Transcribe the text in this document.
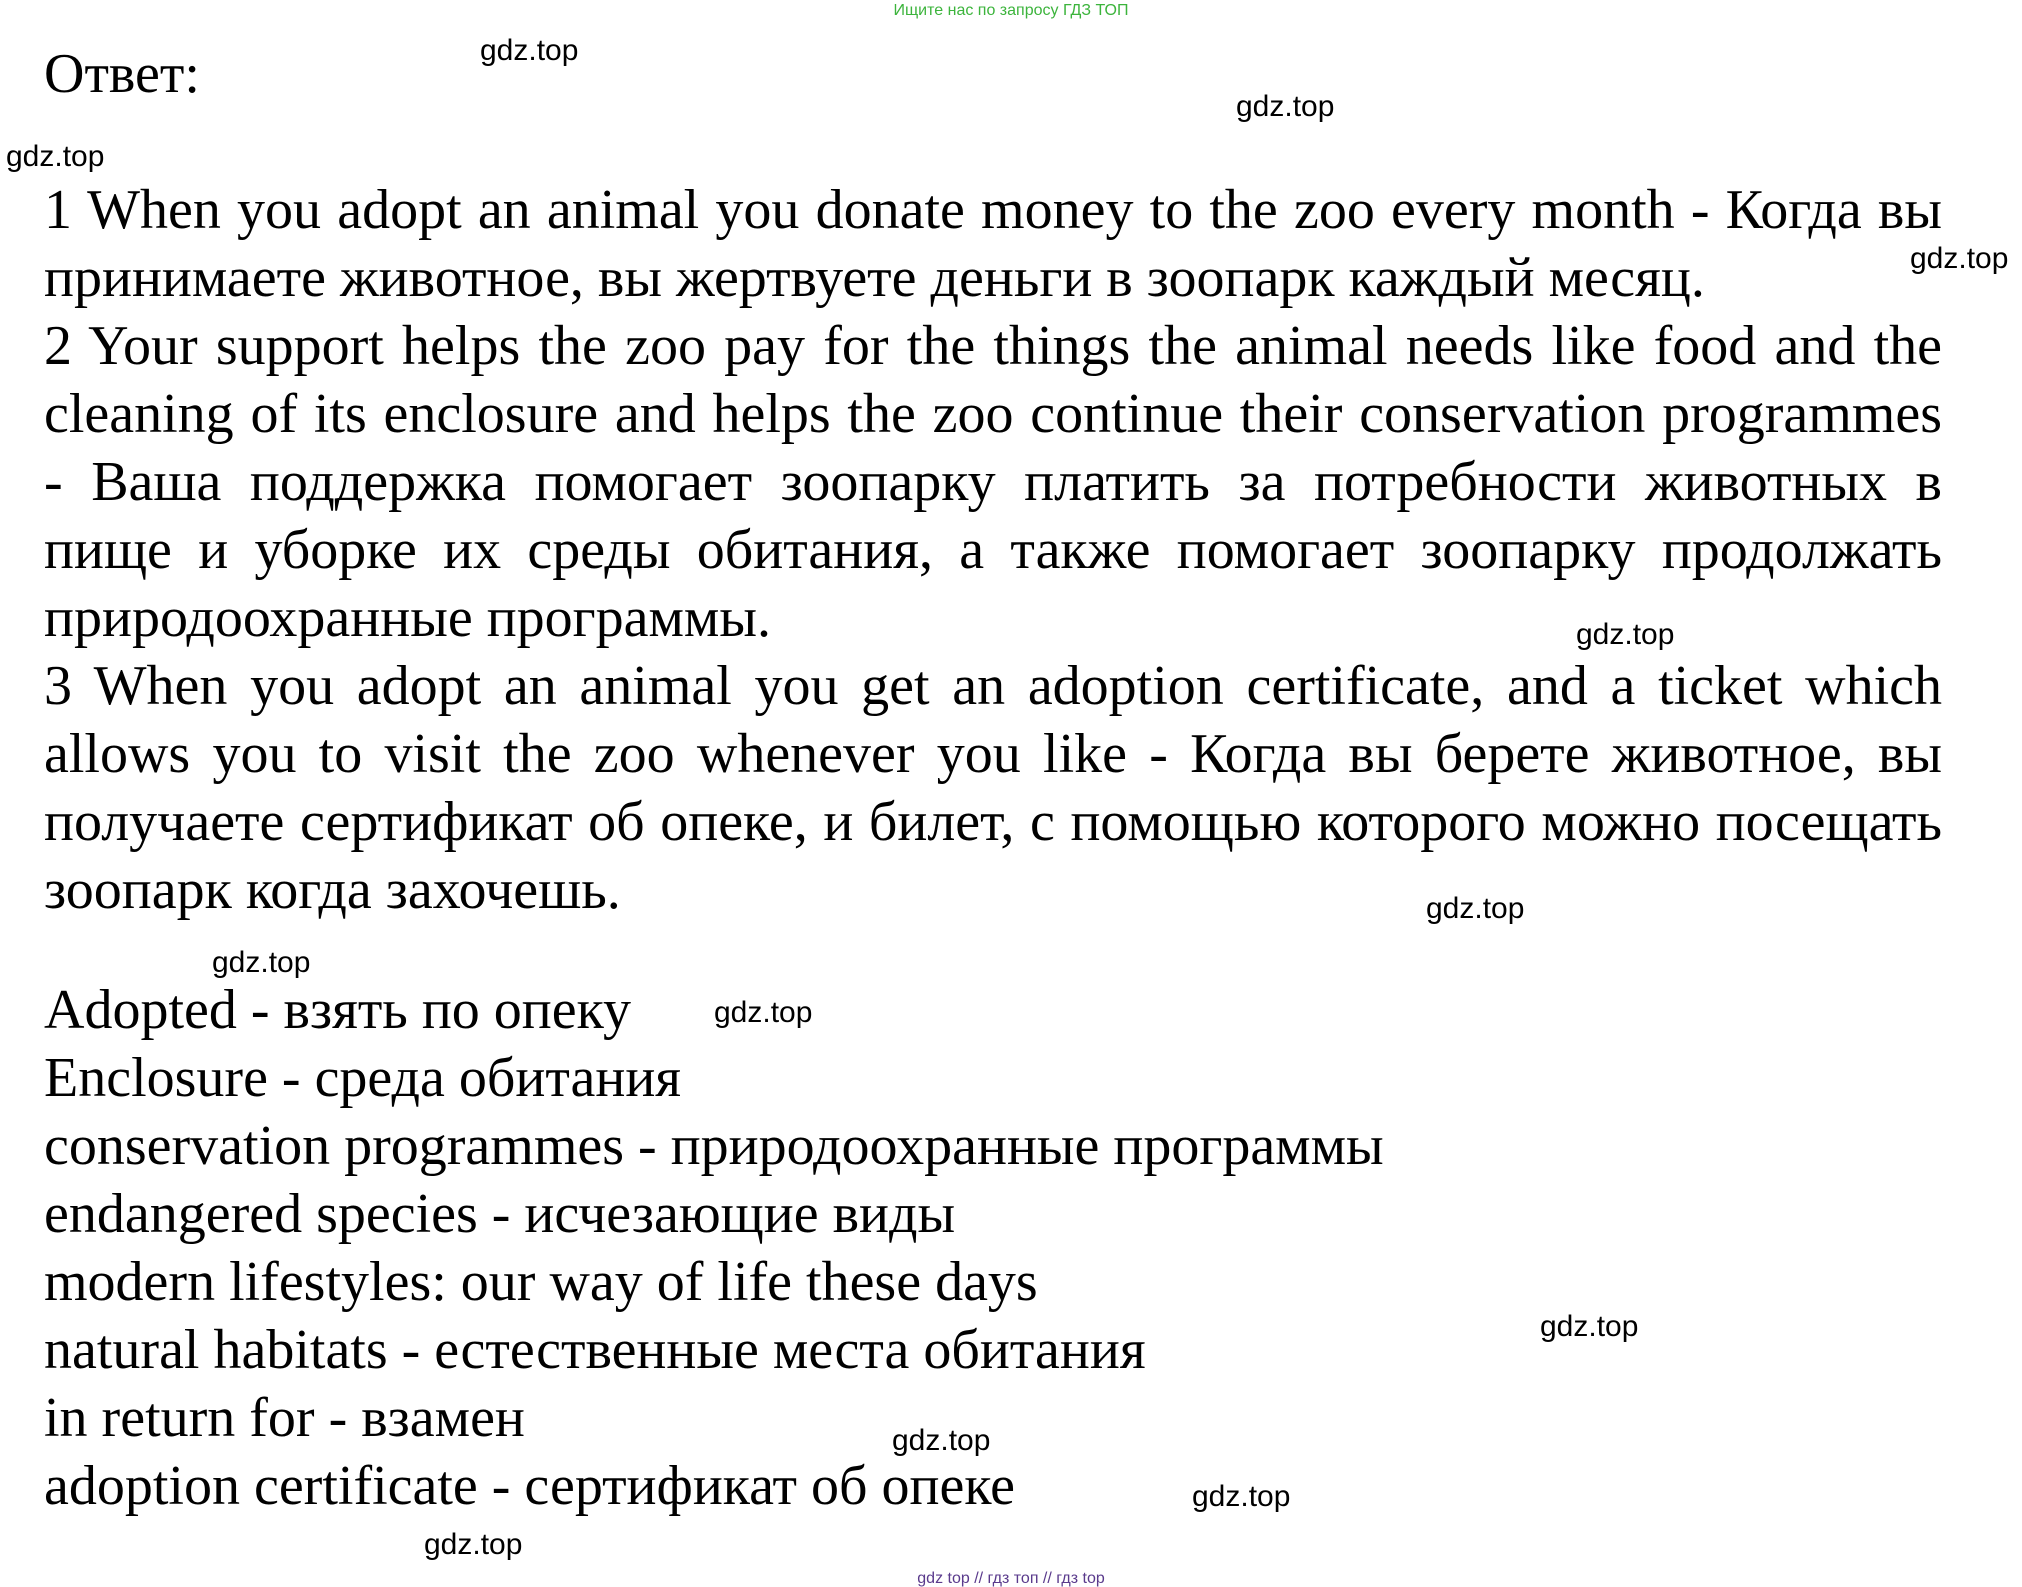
Ищите нас по запросу ГДЗ ТОП
Ответ:

1 When you adopt an animal you donate money to the zoo every month - Когда вы принимаете животное, вы жертвуете деньги в зоопарк каждый месяц.

2 Your support helps the zoo pay for the things the animal needs like food and the cleaning of its enclosure and helps the zoo continue their conservation programmes - Ваша поддержка помогает зоопарку платить за потребности животных в пище и уборке их среды обитания, а также помогает зоопарку продолжать природоохранные программы.

3 When you adopt an animal you get an adoption certificate, and a ticket which allows you to visit the zoo whenever you like - Когда вы берете животное, вы получаете сертификат об опеке, и билет, с помощью которого можно посещать зоопарк когда захочешь.

Adopted - взять по опеку

Enclosure - среда обитания

conservation programmes - природоохранные программы

endangered species - исчезающие виды

modern lifestyles: our way of life these days

natural habitats - естественные места обитания

in return for - взамен

adoption certificate - сертификат об опеке

gdz.top
gdz.top
gdz.top
gdz.top
gdz.top
gdz.top
gdz.top
gdz.top
gdz.top
gdz.top
gdz.top
gdz.top
gdz top // гдз топ // гдз top
